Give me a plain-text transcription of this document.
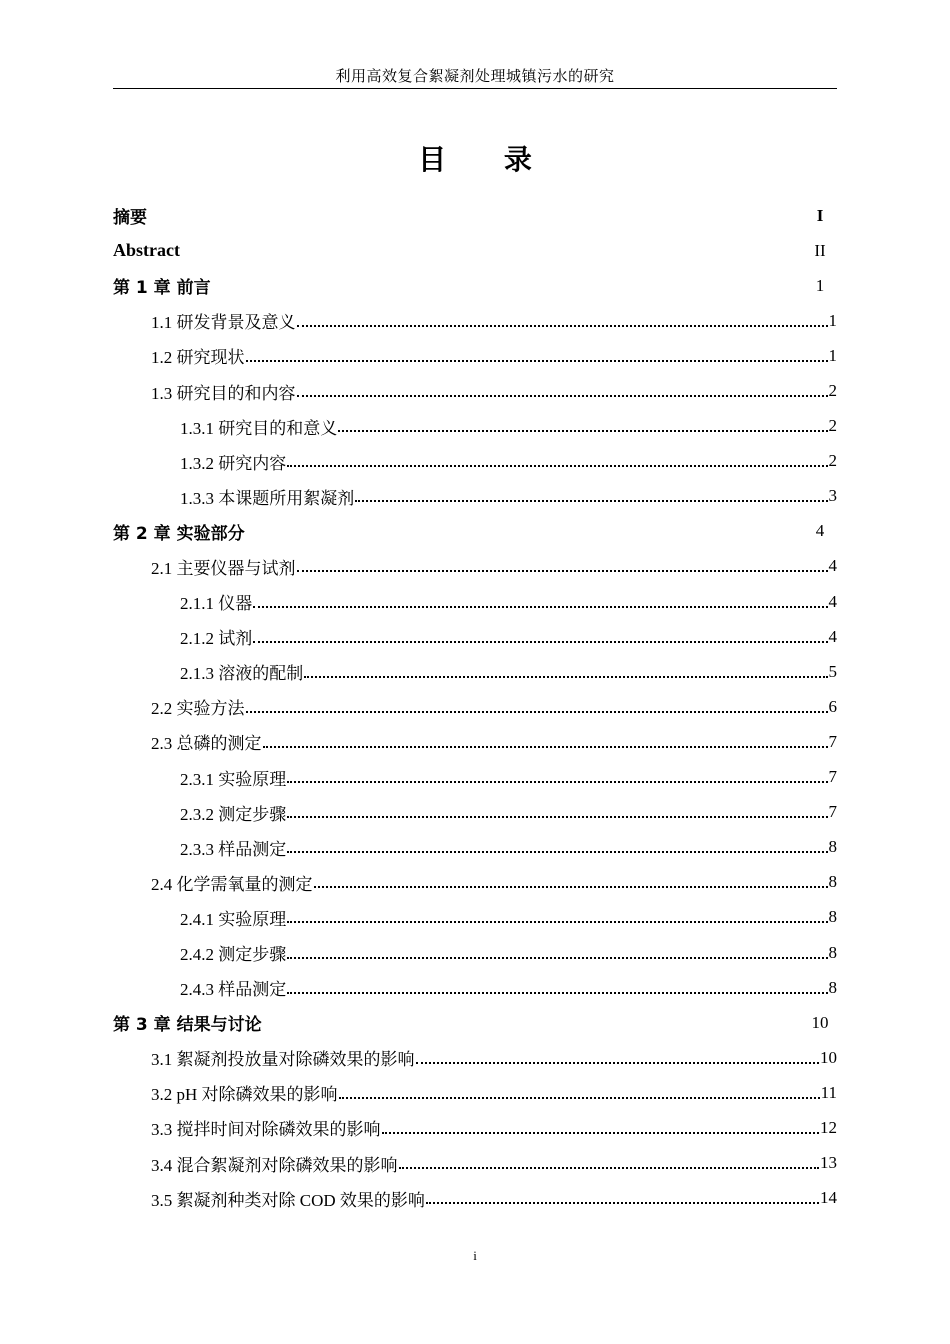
利用高效复合絮凝剂处理城镇污水的研究
目 录
摘要	I
Abstract	II
第 1 章 前言	1
1.1 研发背景及意义	1
1.2 研究现状	1
1.3 研究目的和内容	2
1.3.1 研究目的和意义	2
1.3.2 研究内容	2
1.3.3 本课题所用絮凝剂	3
第 2 章 实验部分	4
2.1 主要仪器与试剂	4
2.1.1 仪器	4
2.1.2 试剂	4
2.1.3 溶液的配制	5
2.2 实验方法	6
2.3 总磷的测定	7
2.3.1 实验原理	7
2.3.2 测定步骤	7
2.3.3 样品测定	8
2.4 化学需氧量的测定	8
2.4.1 实验原理	8
2.4.2 测定步骤	8
2.4.3 样品测定	8
第 3 章 结果与讨论	10
3.1 絮凝剂投放量对除磷效果的影响	10
3.2 pH 对除磷效果的影响	11
3.3 搅拌时间对除磷效果的影响	12
3.4 混合絮凝剂对除磷效果的影响	13
3.5 絮凝剂种类对除 COD 效果的影响	14
i
